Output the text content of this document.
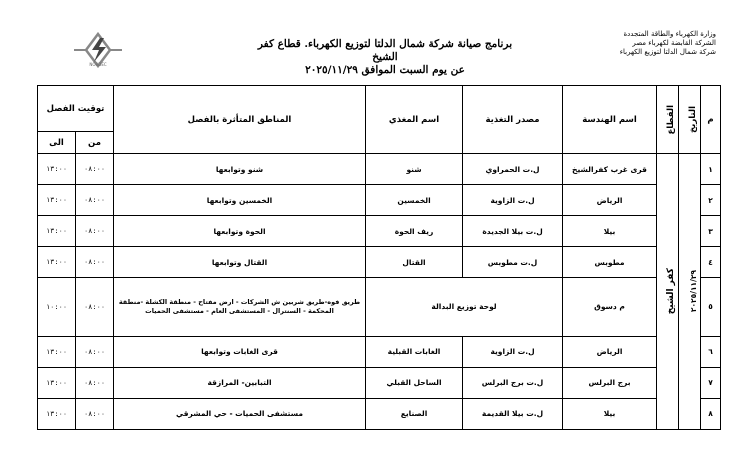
وزارة الكهرباء والطاقة المتجددة
الشركة القابضة لكهرباء مصر
شركة شمال الدلتا لتوزيع الكهرباء
برنامج صيانة شركة شمال الدلتا لتوزيع الكهرباء. قطاع كفر الشيخ
عن يوم السبت الموافق ٢٠٢٥/١١/٢٩
NORDEC
م	التاريخ	القطاع	اسم الهندسة	مصدر التغذية	اسم المغذي	المناطق المتأثرة بالفصل	توقيت الفصل	
							من	الى
١	٢٠٢٥/١١/٢٩	كفر الشيخ	قرى غرب كفرالشيخ	ل.ت الحمراوي	شنو	شنو وتوابعها	٠٨:٠٠	١٣:٠٠
٢			الرياض	ل.ت الزاوية	الخمسين	الخمسين وتوابعها	٠٨:٠٠	١٣:٠٠
٣			بيلا	ل.ت بيلا الجديدة	ريف الحوة	الحوة وتوابعها	٠٨:٠٠	١٣:٠٠
٤			مطوبس	ل.ت مطوبس	القتال	القتال وتوابعها	٠٨:٠٠	١٣:٠٠
٥			م دسوق	لوحة توزيع البدالة		طريق فوه-طريق شربين ش الشركات - ارض مفتاح - منطقة الكشلة -منطقة المحكمة - السنترال - المستشفى العام - مستشفى الحميات	٠٨:٠٠	١٠:٠٠
٦			الرياض	ل.ت الزاوية	الغابات القبلية	قرى الغابات وتوابعها	٠٨:٠٠	١٣:٠٠
٧			برج البرلس	ل.ت برج البرلس	الساحل القبلي	التبابين- المرازقة	٠٨:٠٠	١٣:٠٠
٨			بيلا	ل.ت بيلا القديمة	الصنايع	مستشفى الحميات - حي المشرقي	٠٨:٠٠	١٣:٠٠
